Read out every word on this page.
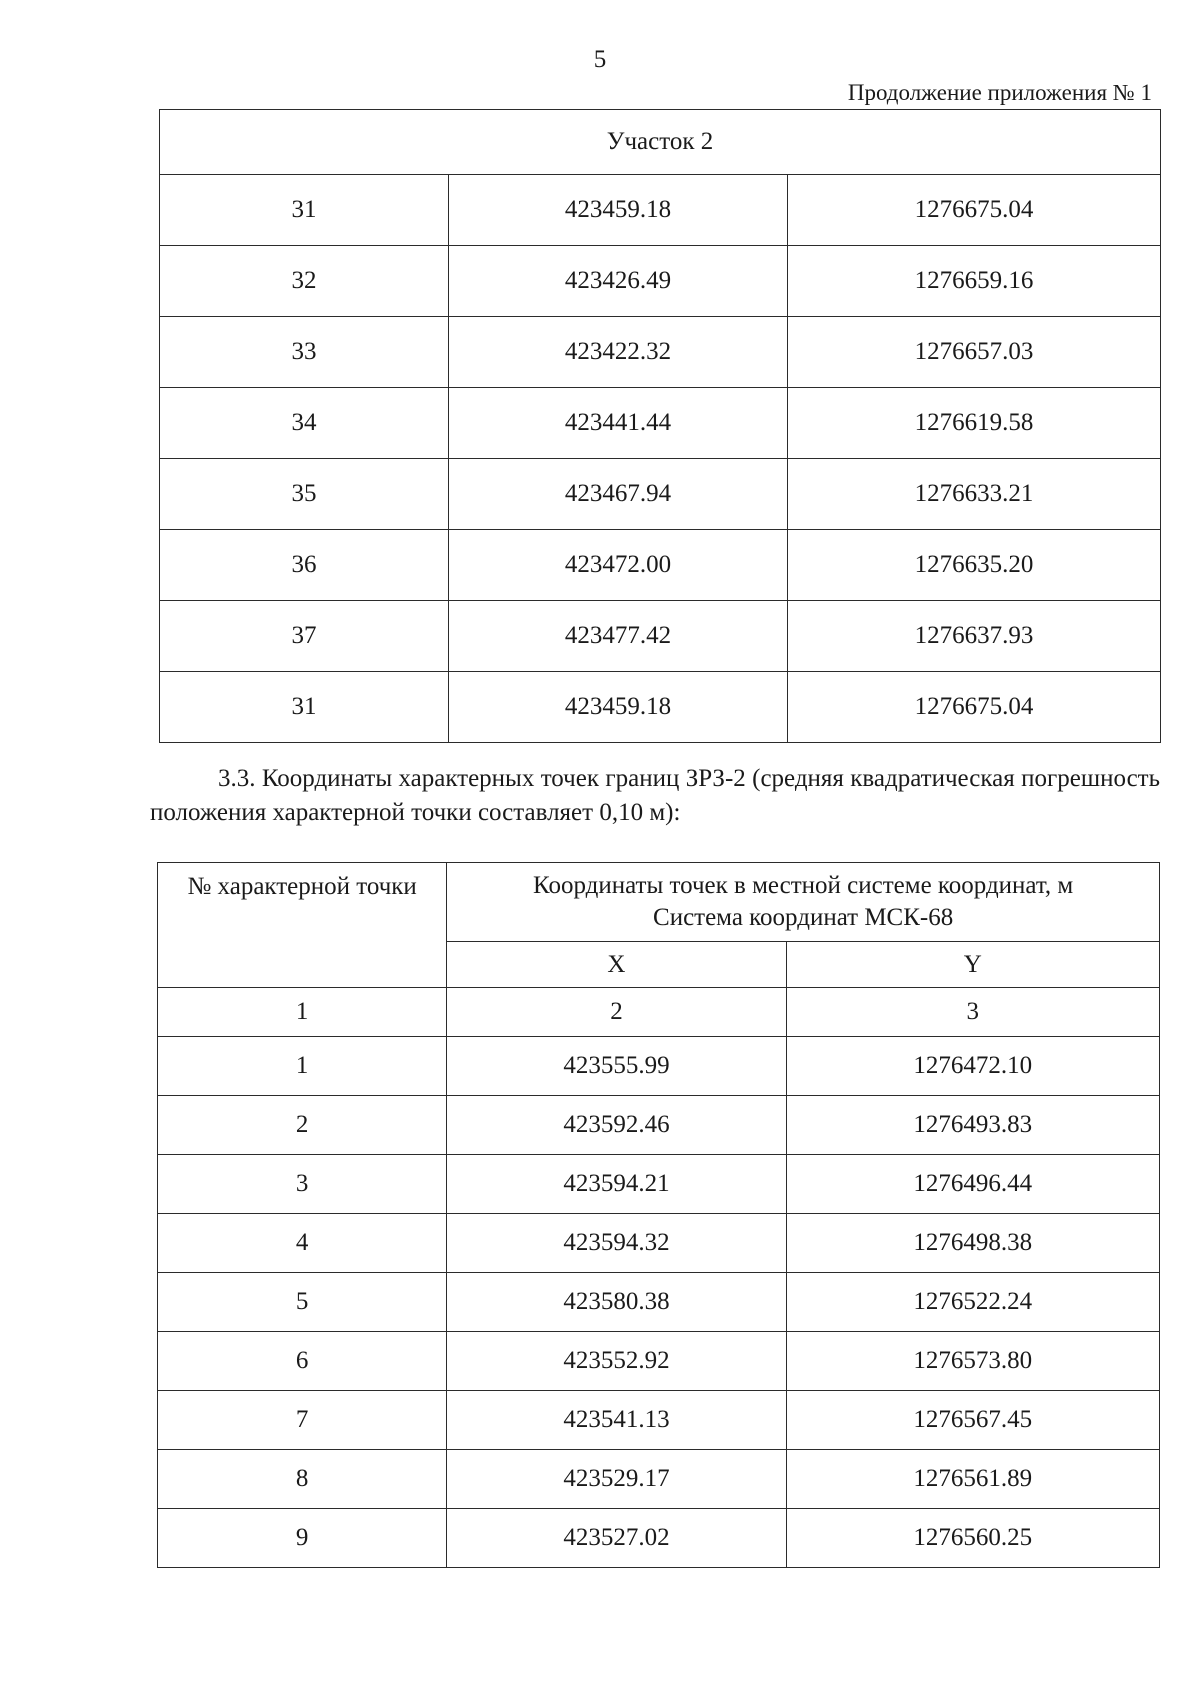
5
Продолжение приложения № 1
Участок 2		
31	423459.18	1276675.04
32	423426.49	1276659.16
33	423422.32	1276657.03
34	423441.44	1276619.58
35	423467.94	1276633.21
36	423472.00	1276635.20
37	423477.42	1276637.93
31	423459.18	1276675.04
3.3. Координаты характерных точек границ ЗРЗ-2 (средняя квадратическая погрешность положения характерной точки составляет 0,10 м):
№ характерной точки	Координаты точек в местной системе координат, м
Система координат МСК-68	

	X	Y
1	2	3
1	423555.99	1276472.10
2	423592.46	1276493.83
3	423594.21	1276496.44
4	423594.32	1276498.38
5	423580.38	1276522.24
6	423552.92	1276573.80
7	423541.13	1276567.45
8	423529.17	1276561.89
9	423527.02	1276560.25
